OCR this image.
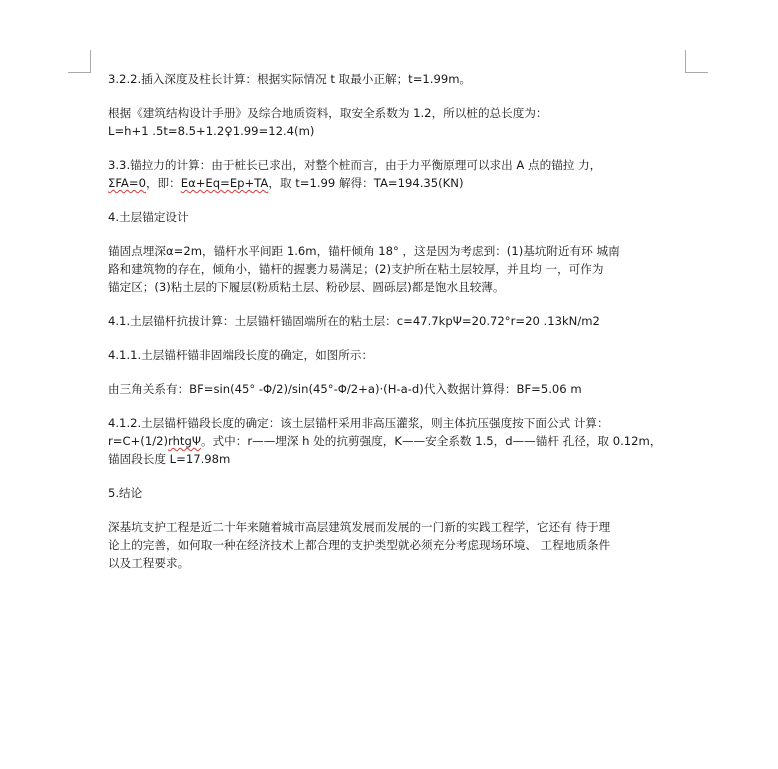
3.2.2.插入深度及柱长计算：根据实际情况 t 取最小正解；t=1.99m。

根据《建筑结构设计手册》及综合地质资料，取安全系数为 1.2，所以桩的总长度为：
L=h+1 .5t=8.5+1.2♀1.99=12.4(m)

3.3.锚拉力的计算：由于桩长已求出，对整个桩而言，由于力平衡原理可以求出 A 点的锚拉 力，
ΣFA=0，即：Eα+Eq=Ep+TA，取 t=1.99 解得：TA=194.35(KN)

4.土层锚定设计

锚固点埋深α=2m，锚杆水平间距 1.6m，锚杆倾角 18° ，这是因为考虑到：(1)基坑附近有环 城南
路和建筑物的存在，倾角小，锚杆的握裹力易满足；(2)支护所在粘土层较厚，并且均 一，可作为
锚定区；(3)粘土层的下履层(粉质粘土层、粉砂层、圆砾层)都是饱水且较薄。

4.1.土层锚杆抗拔计算：土层锚杆锚固端所在的粘土层：c=47.7kpΨ=20.72°r=20 .13kN/m2

4.1.1.土层锚杆锚非固端段长度的确定，如图所示：

由三角关系有：BF=sin(45° -Φ/2)/sin(45°-Φ/2+a)·(H-a-d)代入数据计算得：BF=5.06 m

4.1.2.土层锚杆锚段长度的确定：该土层锚杆采用非高压灌浆，则主体抗压强度按下面公式 计算：
r=C+(1/2)rhtgΨ。式中：r——埋深 h 处的抗剪强度，K——安全系数 1.5，d——锚杆 孔径，取 0.12m，
锚固段长度 L=17.98m

5.结论

深基坑支护工程是近二十年来随着城市高层建筑发展而发展的一门新的实践工程学，它还有 待于理
论上的完善，如何取一种在经济技术上都合理的支护类型就必须充分考虑现场环境、 工程地质条件
以及工程要求。
